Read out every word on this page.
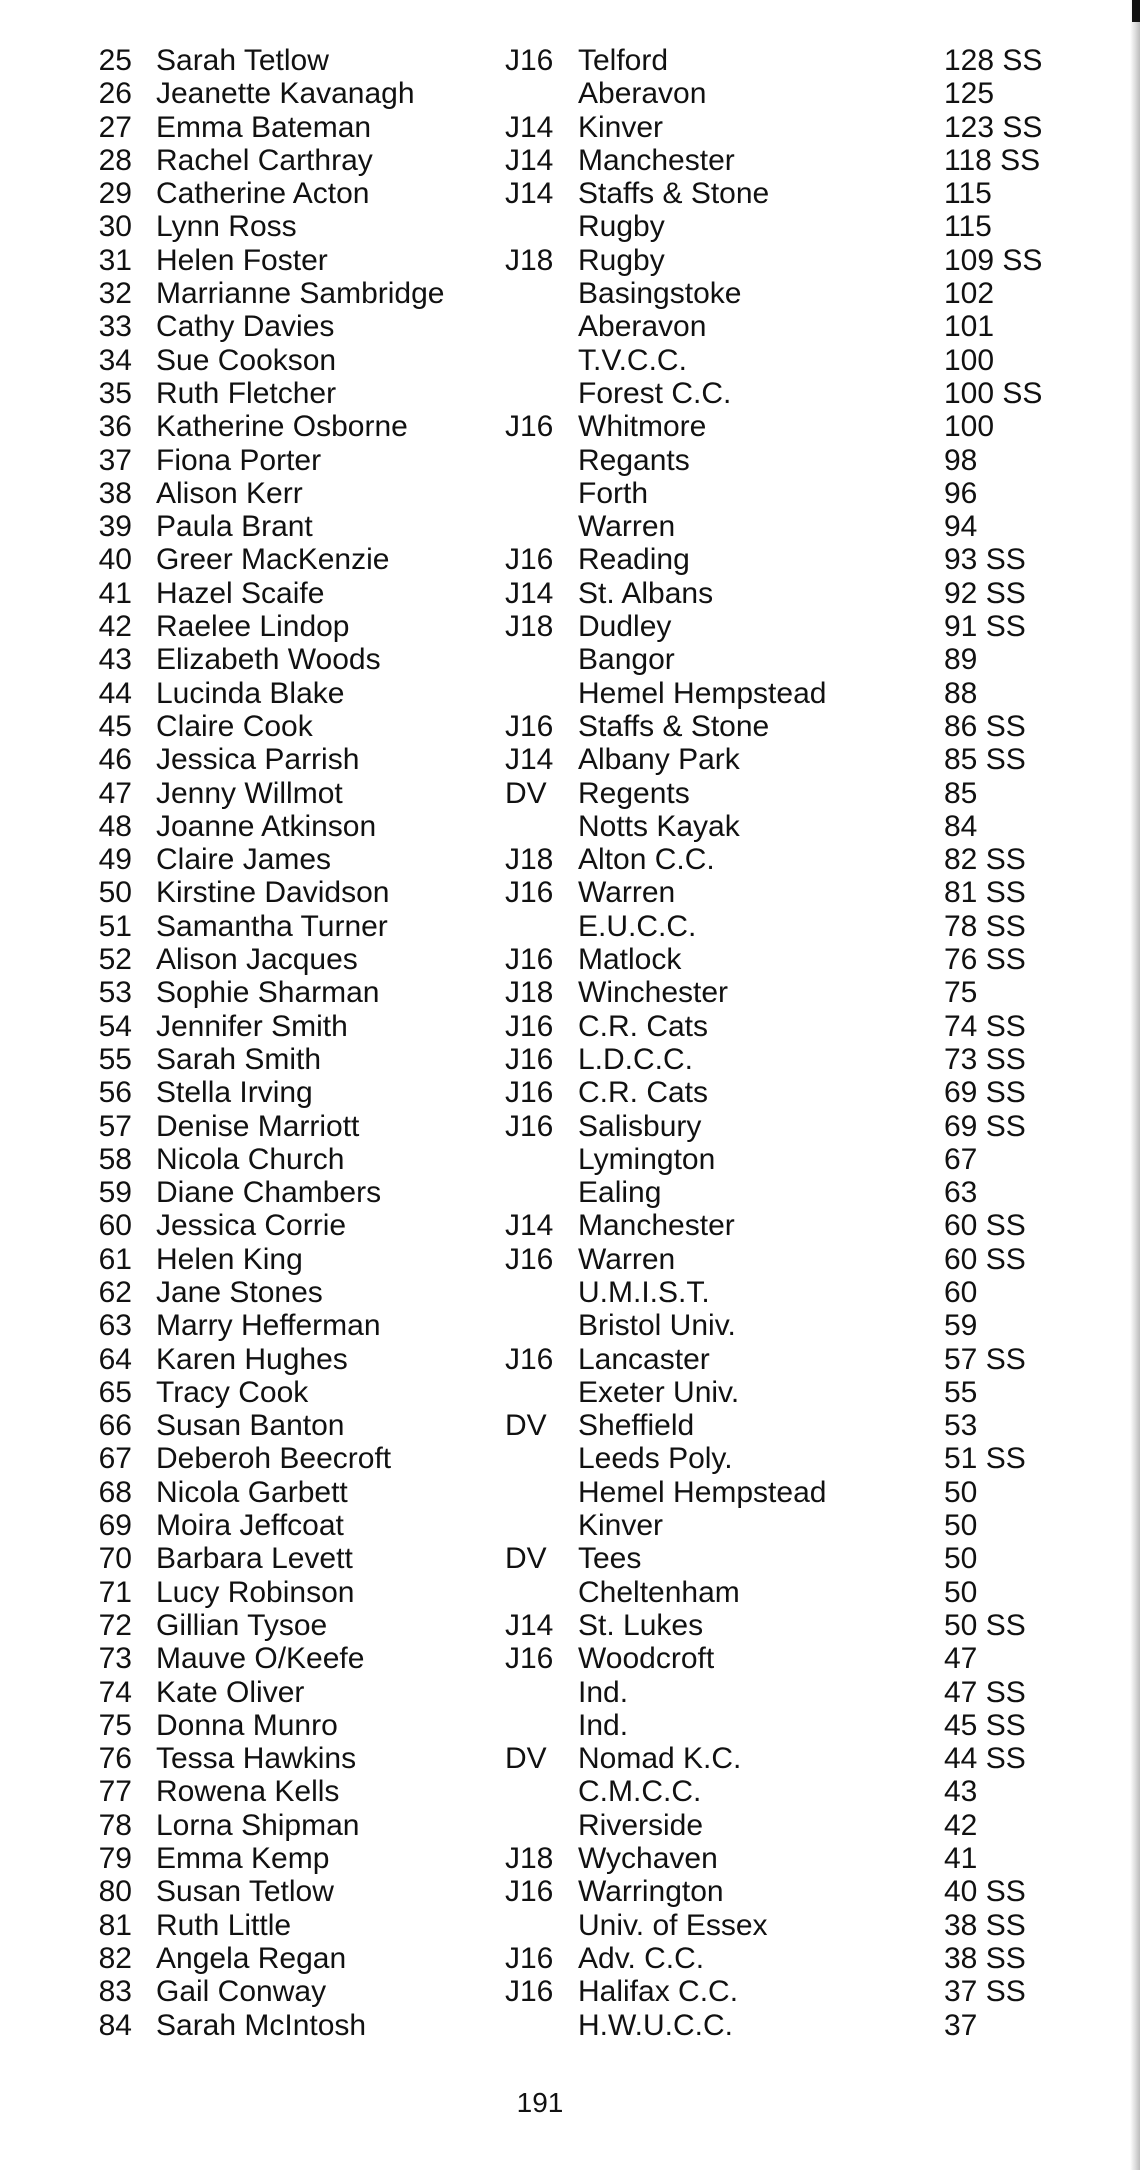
25 Sarah Tetlow	J16 Telford	128 SS
26 Jeanette Kavanagh	Aberavon	125
27 Emma Bateman	J14 Kinver	123 SS
28 Rachel Carthray	J14 Manchester	118 SS
29 Catherine Acton	J14 Staffs & Stone	115
30 Lynn Ross	Rugby	115
31 Helen Foster	J18 Rugby	109 SS
32 Marrianne Sambridge	Basingstoke	102
33 Cathy Davies	Aberavon	101
34 Sue Cookson	T.V.C.C.	100
35 Ruth Fletcher	Forest C.C.	100 SS
36 Katherine Osborne	J16 Whitmore	100
37 Fiona Porter	Regants	98
38 Alison Kerr	Forth	96
39 Paula Brant	Warren	94
40 Greer MacKenzie	J16 Reading	93 SS
41 Hazel Scaife	J14 St. Albans	92 SS
42 Raelee Lindop	J18 Dudley	91 SS
43 Elizabeth Woods	Bangor	89
44 Lucinda Blake	Hemel Hempstead	88
45 Claire Cook	J16 Staffs & Stone	86 SS
46 Jessica Parrish	J14 Albany Park	85 SS
47 Jenny Willmot	DV Regents	85
48 Joanne Atkinson	Notts Kayak	84
49 Claire James	J18 Alton C.C.	82 SS
50 Kirstine Davidson	J16 Warren	81 SS
51 Samantha Turner	E.U.C.C.	78 SS
52 Alison Jacques	J16 Matlock	76 SS
53 Sophie Sharman	J18 Winchester	75
54 Jennifer Smith	J16 C.R. Cats	74 SS
55 Sarah Smith	J16 L.D.C.C.	73 SS
56 Stella Irving	J16 C.R. Cats	69 SS
57 Denise Marriott	J16 Salisbury	69 SS
58 Nicola Church	Lymington	67
59 Diane Chambers	Ealing	63
60 Jessica Corrie	J14 Manchester	60 SS
61 Helen King	J16 Warren	60 SS
62 Jane Stones	U.M.I.S.T.	60
63 Marry Hefferman	Bristol Univ.	59
64 Karen Hughes	J16 Lancaster	57 SS
65 Tracy Cook	Exeter Univ.	55
66 Susan Banton	DV Sheffield	53
67 Deberoh Beecroft	Leeds Poly.	51 SS
68 Nicola Garbett	Hemel Hempstead	50
69 Moira Jeffcoat	Kinver	50
70 Barbara Levett	DV Tees	50
71 Lucy Robinson	Cheltenham	50
72 Gillian Tysoe	J14 St. Lukes	50 SS
73 Mauve O/Keefe	J16 Woodcroft	47
74 Kate Oliver	Ind.	47 SS
75 Donna Munro	Ind.	45 SS
76 Tessa Hawkins	DV Nomad K.C.	44 SS
77 Rowena Kells	C.M.C.C.	43
78 Lorna Shipman	Riverside	42
79 Emma Kemp	J18 Wychaven	41
80 Susan Tetlow	J16 Warrington	40 SS
81 Ruth Little	Univ. of Essex	38 SS
82 Angela Regan	J16 Adv. C.C.	38 SS
83 Gail Conway	J16 Halifax C.C.	37 SS
84 Sarah McIntosh	H.W.U.C.C.	37
191
